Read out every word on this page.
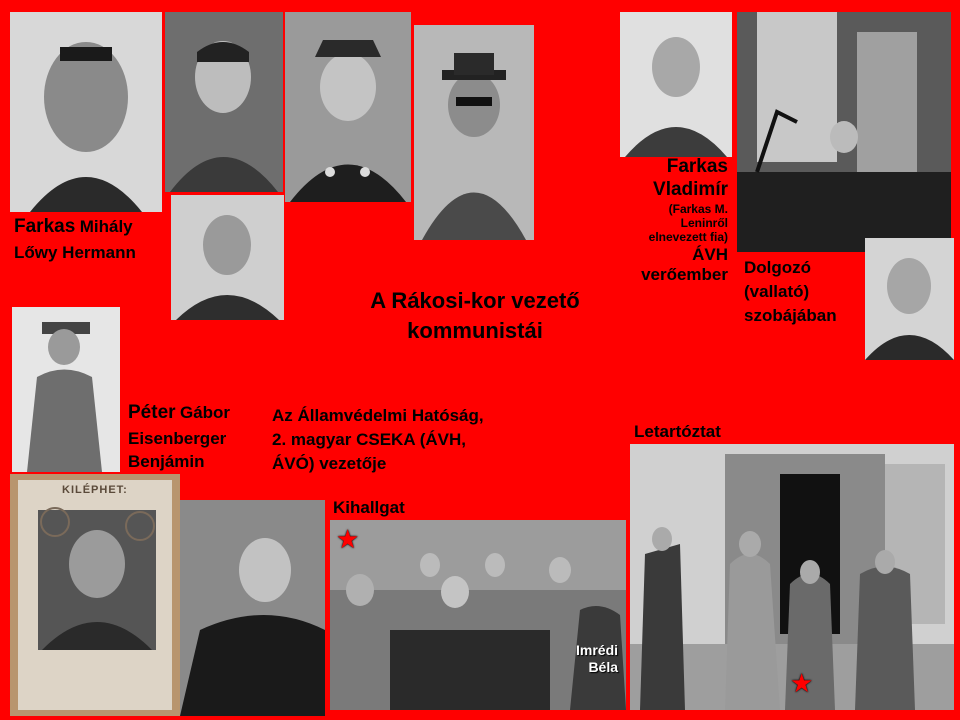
KILÉPHET:
★
Imrédi
Béla
★
Farkas Mihály
Lőwy Hermann
Farkas
Vladimír
(Farkas M.
Leninről
elnevezett fia)
ÁVH
verőember Dolgozó
(vallató)
szobájában
A Rákosi-kor vezető
kommunistái
Péter Gábor
Eisenberger
Benjámin
Az Államvédelmi Hatóság,
2. magyar CSEKA (ÁVH,
ÁVÓ) vezetője
Kihallgat
Letartóztat
